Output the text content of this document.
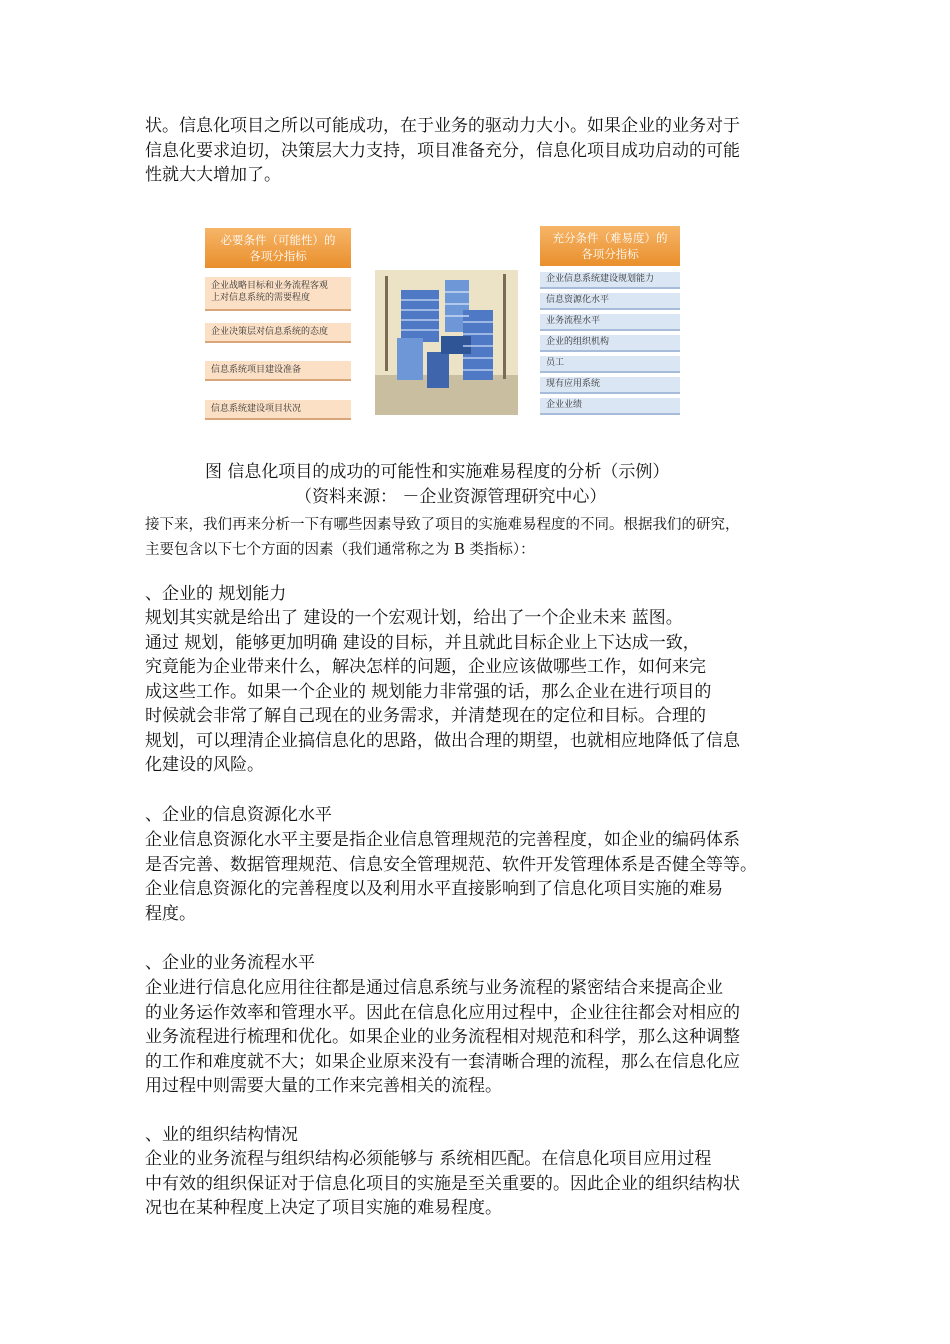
状。信息化项目之所以可能成功，在于业务的驱动力大小。如果企业的业务对于
信息化要求迫切，决策层大力支持，项目准备充分，信息化项目成功启动的可能
性就大大增加了。
必要条件（可能性）的
各项分指标
企业战略目标和业务流程客观
上对信息系统的需要程度
企业决策层对信息系统的态度
信息系统项目建设准备
信息系统建设项目状况
充分条件（难易度）的
各项分指标
企业信息系统建设规划能力
信息资源化水平
业务流程水平
企业的组织机构
员工
现有应用系统
企业业绩
图 信息化项目的成功的可能性和实施难易程度的分析（示例）
（资料来源： －企业资源管理研究中心）
接下来，我们再来分析一下有哪些因素导致了项目的实施难易程度的不同。根据我们的研究，
主要包含以下七个方面的因素（我们通常称之为 B 类指标）：
、企业的 规划能力
规划其实就是给出了 建设的一个宏观计划，给出了一个企业未来 蓝图。
通过 规划，能够更加明确 建设的目标，并且就此目标企业上下达成一致，
究竟能为企业带来什么，解决怎样的问题，企业应该做哪些工作，如何来完
成这些工作。如果一个企业的 规划能力非常强的话，那么企业在进行项目的
时候就会非常了解自己现在的业务需求，并清楚现在的定位和目标。合理的
规划，可以理清企业搞信息化的思路，做出合理的期望，也就相应地降低了信息
化建设的风险。
、企业的信息资源化水平
企业信息资源化水平主要是指企业信息管理规范的完善程度，如企业的编码体系
是否完善、数据管理规范、信息安全管理规范、软件开发管理体系是否健全等等。
企业信息资源化的完善程度以及利用水平直接影响到了信息化项目实施的难易
程度。
、企业的业务流程水平
企业进行信息化应用往往都是通过信息系统与业务流程的紧密结合来提高企业
的业务运作效率和管理水平。因此在信息化应用过程中，企业往往都会对相应的
业务流程进行梳理和优化。如果企业的业务流程相对规范和科学，那么这种调整
的工作和难度就不大；如果企业原来没有一套清晰合理的流程，那么在信息化应
用过程中则需要大量的工作来完善相关的流程。
、业的组织结构情况
企业的业务流程与组织结构必须能够与 系统相匹配。在信息化项目应用过程
中有效的组织保证对于信息化项目的实施是至关重要的。因此企业的组织结构状
况也在某种程度上决定了项目实施的难易程度。
